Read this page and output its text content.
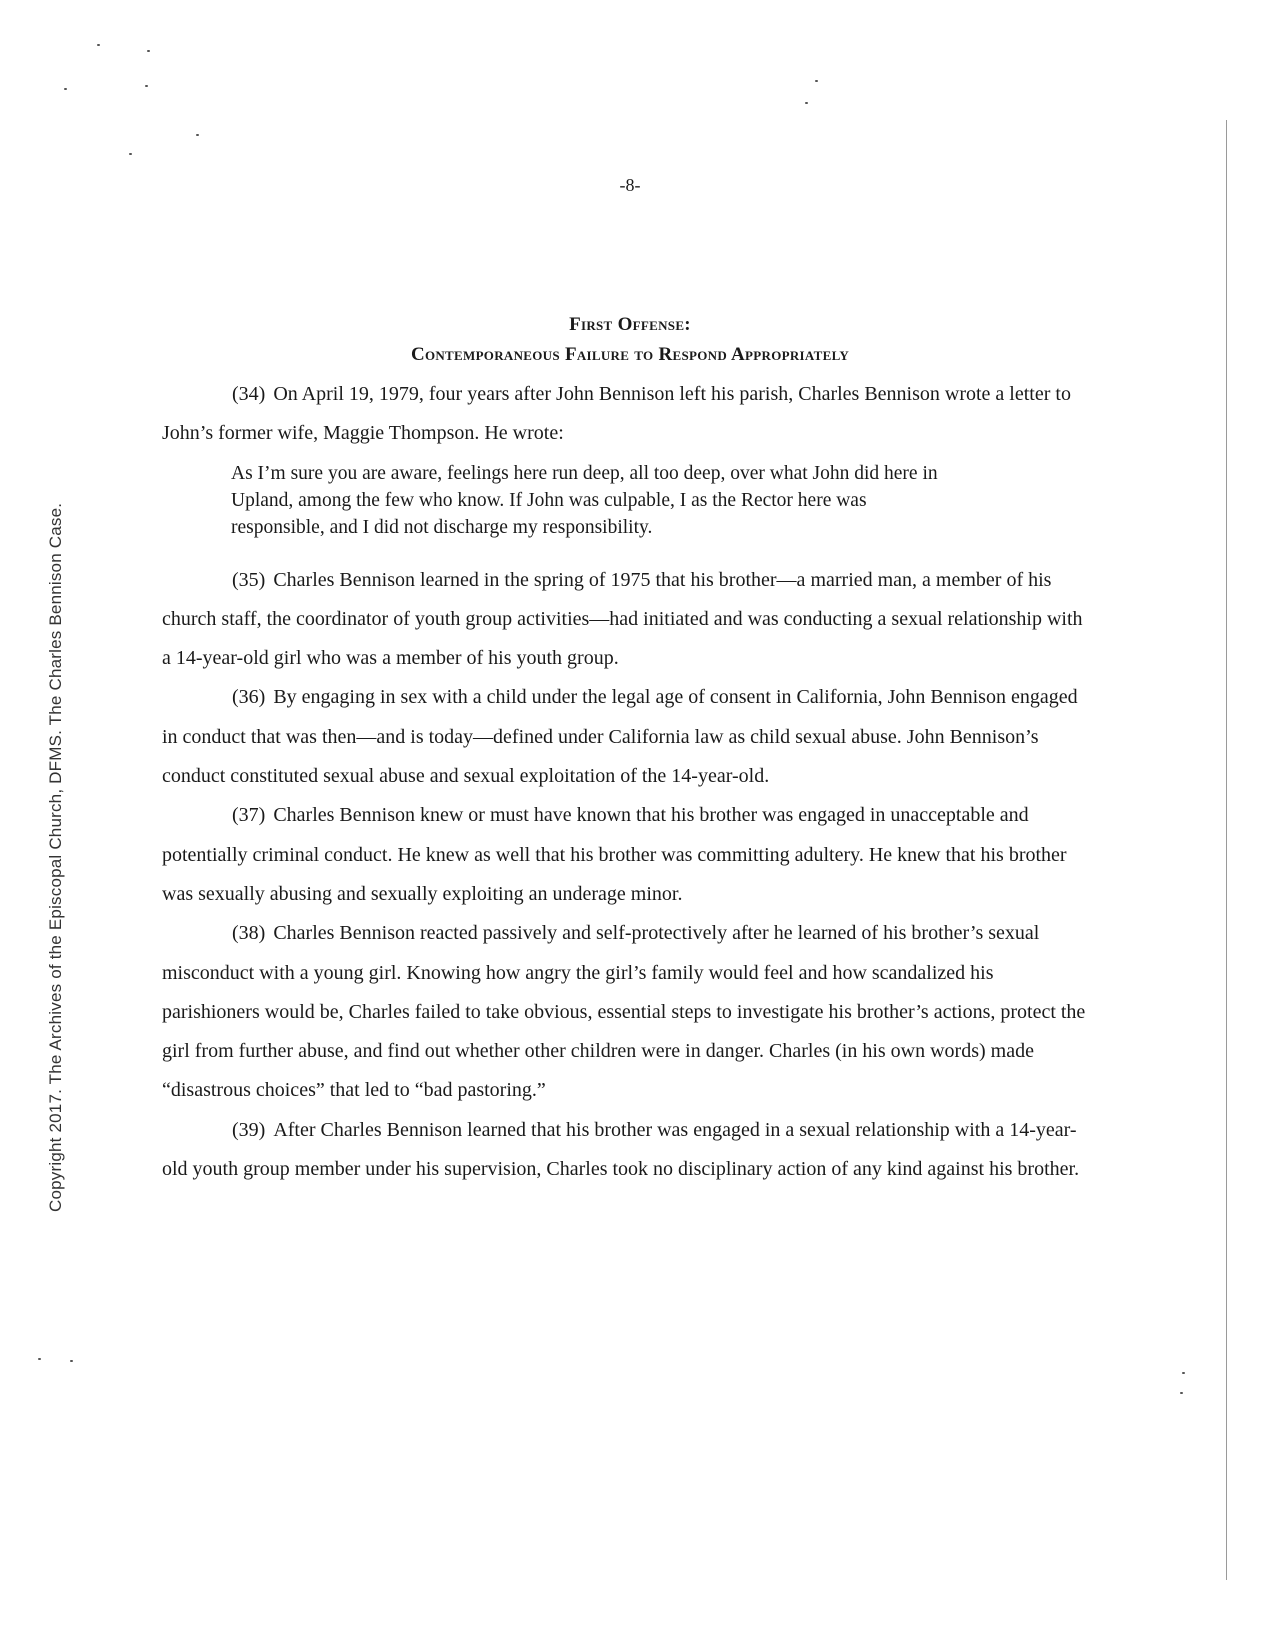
Copyright 2017. The Archives of the Episcopal Church, DFMS. The Charles Bennison Case.
-8-
First Offense:
Contemporaneous Failure to Respond Appropriately

(34) On April 19, 1979, four years after John Bennison left his parish, Charles Bennison wrote a letter to John’s former wife, Maggie Thompson. He wrote:

As I’m sure you are aware, feelings here run deep, all too deep, over what John did here in Upland, among the few who know. If John was culpable, I as the Rector here was responsible, and I did not discharge my responsibility.

(35) Charles Bennison learned in the spring of 1975 that his brother—a married man, a member of his church staff, the coordinator of youth group activities—had initiated and was conducting a sexual relationship with a 14-year-old girl who was a member of his youth group.

(36) By engaging in sex with a child under the legal age of consent in California, John Bennison engaged in conduct that was then—and is today—defined under California law as child sexual abuse. John Bennison’s conduct constituted sexual abuse and sexual exploitation of the 14-year-old.

(37) Charles Bennison knew or must have known that his brother was engaged in unacceptable and potentially criminal conduct. He knew as well that his brother was committing adultery. He knew that his brother was sexually abusing and sexually exploiting an underage minor.

(38) Charles Bennison reacted passively and self-protectively after he learned of his brother’s sexual misconduct with a young girl. Knowing how angry the girl’s family would feel and how scandalized his parishioners would be, Charles failed to take obvious, essential steps to investigate his brother’s actions, protect the girl from further abuse, and find out whether other children were in danger. Charles (in his own words) made “disastrous choices” that led to “bad pastoring.”

(39) After Charles Bennison learned that his brother was engaged in a sexual relationship with a 14-year-old youth group member under his supervision, Charles took no disciplinary action of any kind against his brother.
